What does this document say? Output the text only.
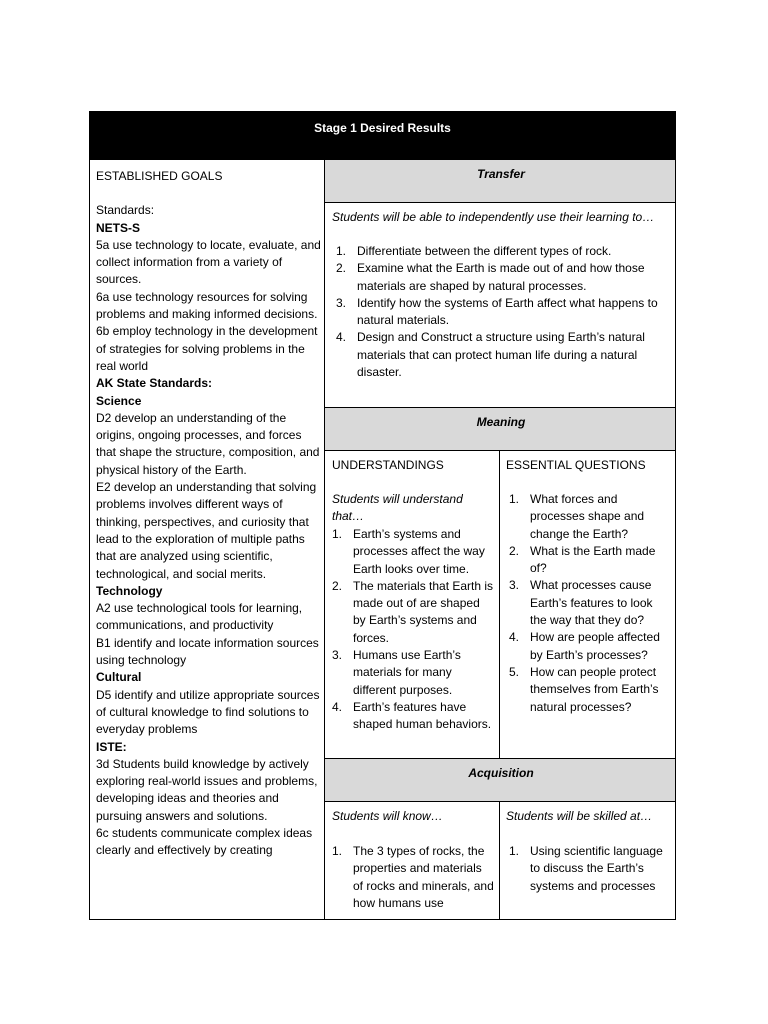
Stage 1 Desired Results
ESTABLISHED GOALS
Standards:
NETS-S
5a use technology to locate, evaluate, and collect information from a variety of sources.
6a use technology resources for solving problems and making informed decisions.
6b employ technology in the development of strategies for solving problems in the real world
AK State Standards:
Science
D2 develop an understanding of the origins, ongoing processes, and forces that shape the structure, composition, and physical history of the Earth.
E2 develop an understanding that solving problems involves different ways of thinking, perspectives, and curiosity that lead to the exploration of multiple paths that are analyzed using scientific, technological, and social merits.
Technology
A2 use technological tools for learning, communications, and productivity
B1 identify and locate information sources using technology
Cultural
D5 identify and utilize appropriate sources of cultural knowledge to find solutions to everyday problems
ISTE:
3d Students build knowledge by actively exploring real-world issues and problems, developing ideas and theories and pursuing answers and solutions.
6c students communicate complex ideas clearly and effectively by creating
Transfer
Students will be able to independently use their learning to…
1. Differentiate between the different types of rock.
2. Examine what the Earth is made out of and how those materials are shaped by natural processes.
3. Identify how the systems of Earth affect what happens to natural materials.
4. Design and Construct a structure using Earth’s natural materials that can protect human life during a natural disaster.
Meaning
UNDERSTANDINGS
Students will understand that…
1. Earth’s systems and processes affect the way Earth looks over time.
2. The materials that Earth is made out of are shaped by Earth’s systems and forces.
3. Humans use Earth’s materials for many different purposes.
4. Earth’s features have shaped human behaviors.
ESSENTIAL QUESTIONS
1. What forces and processes shape and change the Earth?
2. What is the Earth made of?
3. What processes cause Earth’s features to look the way that they do?
4. How are people affected by Earth’s processes?
5. How can people protect themselves from Earth’s natural processes?
Acquisition
Students will know…
1. The 3 types of rocks, the properties and materials of rocks and minerals, and how humans use
Students will be skilled at…
1. Using scientific language to discuss the Earth’s systems and processes
